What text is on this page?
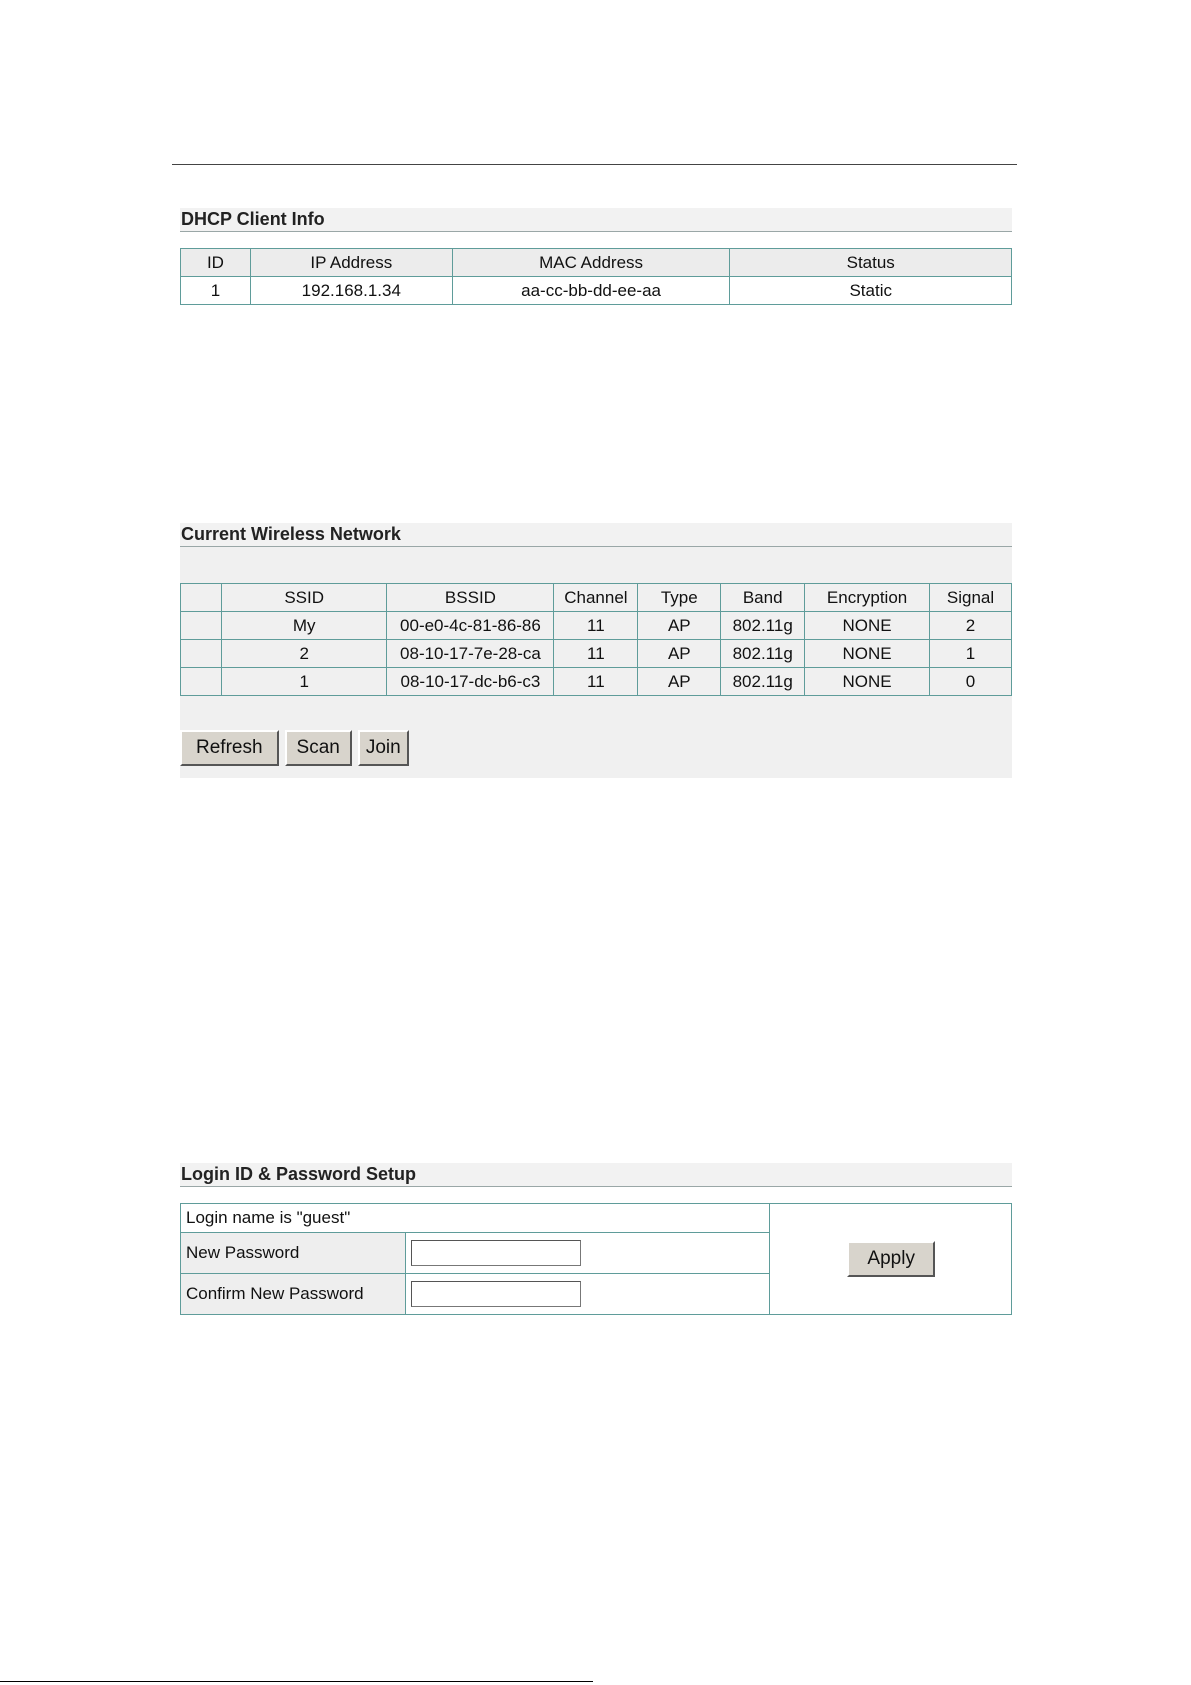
DHCP Client Info
ID	IP Address	MAC Address	Status
1	192.168.1.34	aa-cc-bb-dd-ee-aa	Static
Current Wireless Network
	SSID	BSSID	Channel	Type	Band	Encryption	Signal
	My	00-e0-4c-81-86-86	11	AP	802.11g	NONE	2
	2	08-10-17-7e-28-ca	11	AP	802.11g	NONE	1
	1	08-10-17-dc-b6-c3	11	AP	802.11g	NONE	0
Refresh	Scan	Join
Login ID & Password Setup
Login name is "guest"		Apply
New Password	
Confirm New Password	
